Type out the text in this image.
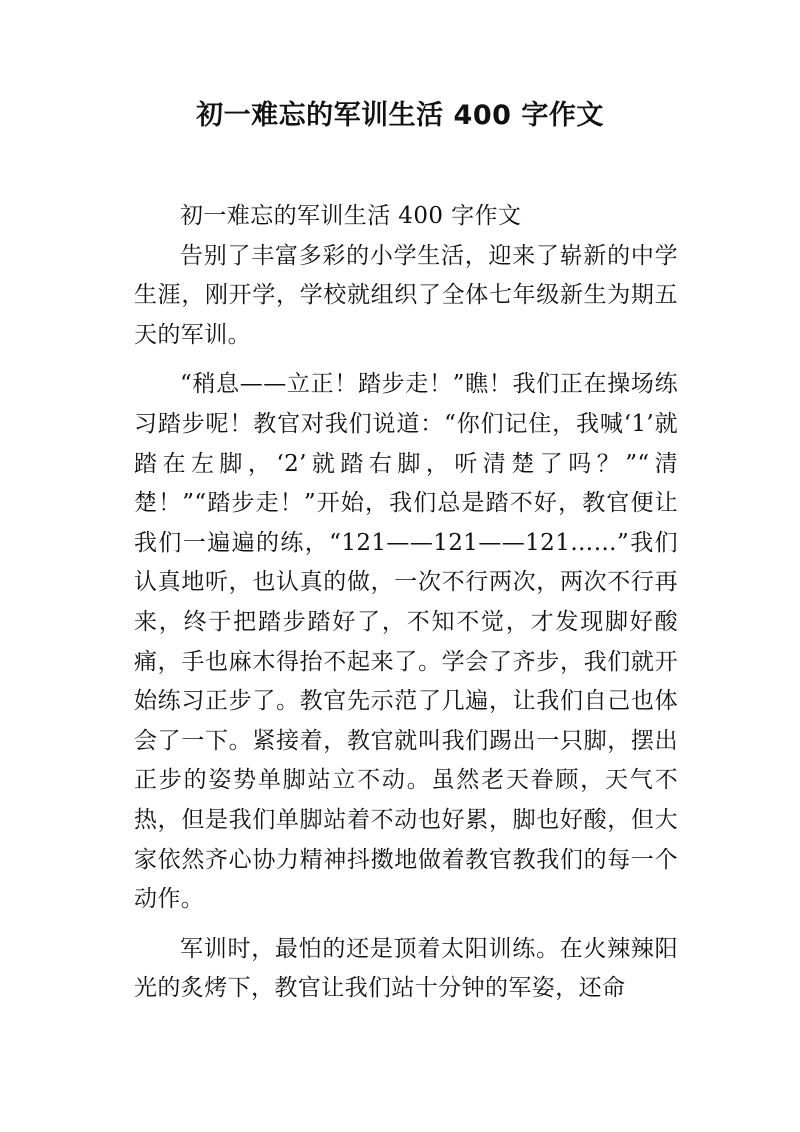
初一难忘的军训生活 400 字作文

初一难忘的军训生活 400 字作文

告别了丰富多彩的小学生活，迎来了崭新的中学生涯，刚开学，学校就组织了全体七年级新生为期五天的军训。

“稍息——立正！踏步走！”瞧！我们正在操场练习踏步呢！教官对我们说道：“你们记住，我喊‘1’就踏在左脚，‘2’就踏右脚，听清楚了吗？”“清楚！”“踏步走！”开始，我们总是踏不好，教官便让我们一遍遍的练，“121——121——121……”我们认真地听，也认真的做，一次不行两次，两次不行再来，终于把踏步踏好了，不知不觉，才发现脚好酸痛，手也麻木得抬不起来了。学会了齐步，我们就开始练习正步了。教官先示范了几遍，让我们自己也体会了一下。紧接着，教官就叫我们踢出一只脚，摆出正步的姿势单脚站立不动。虽然老天眷顾，天气不热，但是我们单脚站着不动也好累，脚也好酸，但大家依然齐心协力精神抖擞地做着教官教我们的每一个动作。

军训时，最怕的还是顶着太阳训练。在火辣辣阳光的炙烤下，教官让我们站十分钟的军姿，还命
